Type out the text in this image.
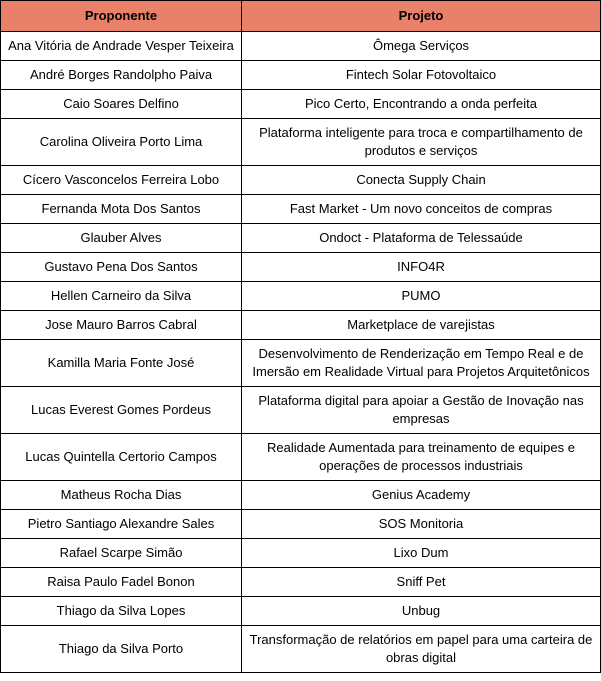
Proponente	Projeto
Ana Vitória de Andrade Vesper Teixeira	Ômega Serviços
André Borges Randolpho Paiva	Fintech Solar Fotovoltaico
Caio Soares Delfino	Pico Certo, Encontrando a onda perfeita
Carolina Oliveira Porto Lima	Plataforma inteligente para troca e compartilhamento de produtos e serviços
Cícero Vasconcelos Ferreira Lobo	Conecta Supply Chain
Fernanda Mota Dos Santos	Fast Market - Um novo conceitos de compras
Glauber Alves	Ondoct - Plataforma de Telessaúde
Gustavo Pena Dos Santos	INFO4R
Hellen Carneiro da Silva	PUMO
Jose Mauro Barros Cabral	Marketplace de varejistas
Kamilla Maria Fonte José	Desenvolvimento de Renderização em Tempo Real e de Imersão em Realidade Virtual para Projetos Arquitetônicos
Lucas Everest Gomes Pordeus	Plataforma digital para apoiar a Gestão de Inovação nas empresas
Lucas Quintella Certorio Campos	Realidade Aumentada para treinamento de equipes e operações de processos industriais
Matheus Rocha Dias	Genius Academy
Pietro Santiago Alexandre Sales	SOS Monitoria
Rafael Scarpe Simão	Lixo Dum
Raisa Paulo Fadel Bonon	Sniff Pet
Thiago da Silva Lopes	Unbug
Thiago da Silva Porto	Transformação de relatórios em papel para uma carteira de obras digital
